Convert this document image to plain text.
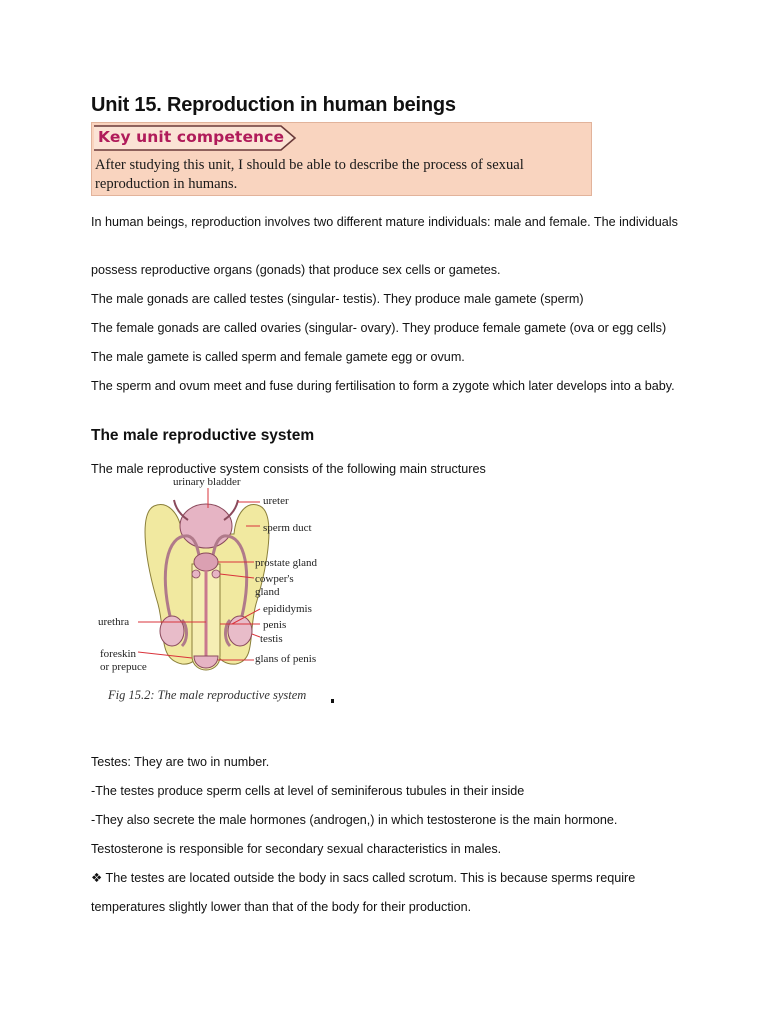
Unit 15. Reproduction in human beings
Key unit competence
After studying this unit, I should be able to describe the process of sexual reproduction in humans.

In human beings, reproduction involves two different mature individuals: male and female. The individuals

possess reproductive organs (gonads) that produce sex cells or gametes.

The male gonads are called testes (singular- testis). They produce male gamete (sperm)

The female gonads are called ovaries (singular- ovary). They produce female gamete (ova or egg cells)

The male gamete is called sperm and female gamete egg or ovum.

The sperm and ovum meet and fuse during fertilisation to form a zygote which later develops into a baby.

The male reproductive system

The male reproductive system consists of the following main structures

urinary bladder
ureter
sperm duct
prostate gland
cowper's
gland
epididymis
urethra	penis
testis
foreskin
or prepuce
glans of penis
Fig 15.2: The male reproductive system

Testes: They are two in number.

-The testes produce sperm cells at level of seminiferous tubules in their inside

-They also secrete the male hormones (androgen,) in which testosterone is the main hormone.

Testosterone is responsible for secondary sexual characteristics in males.

❖ The testes are located outside the body in sacs called scrotum. This is because sperms require

temperatures slightly lower than that of the body for their production.
